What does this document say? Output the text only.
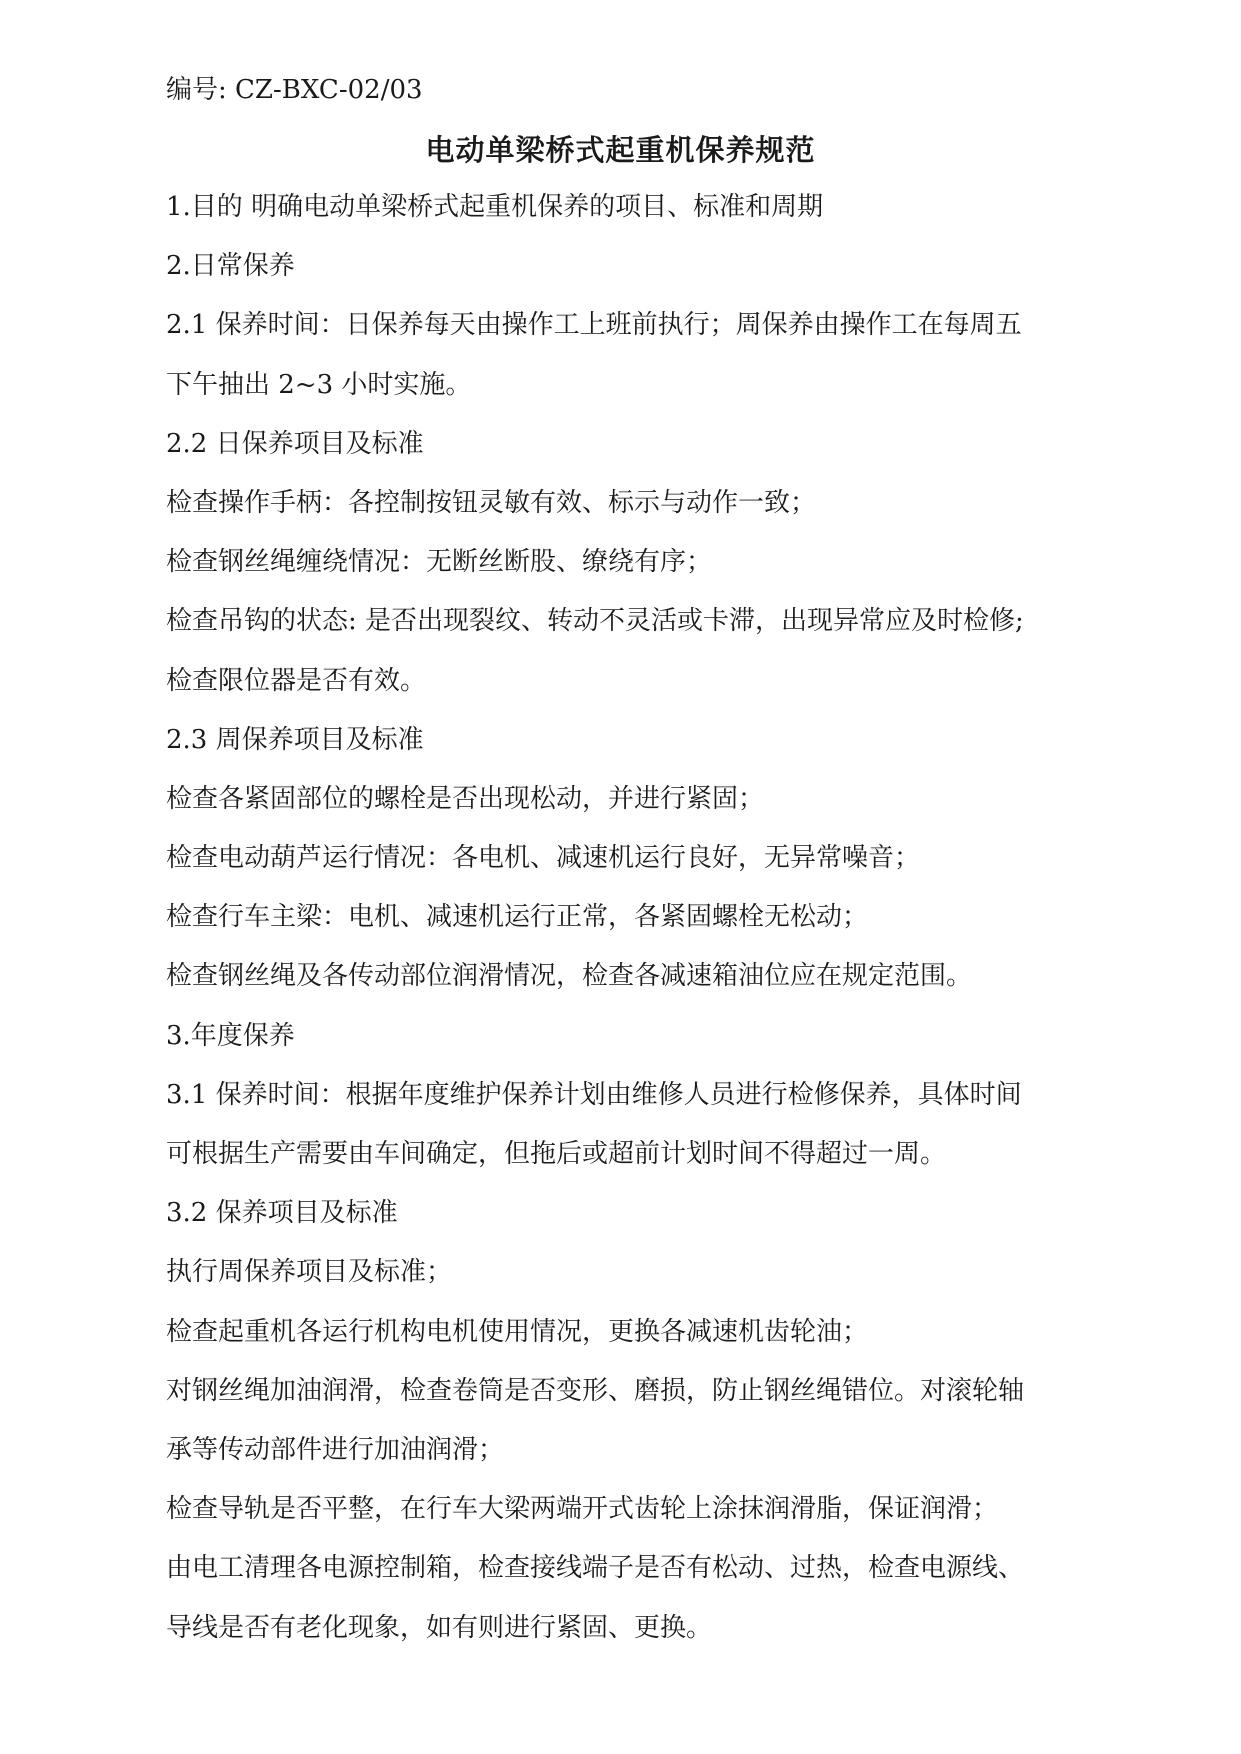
编号: CZ-BXC-02/03
电动单梁桥式起重机保养规范
1.目的 明确电动单梁桥式起重机保养的项目、标准和周期
2.日常保养
2.1 保养时间：日保养每天由操作工上班前执行；周保养由操作工在每周五
下午抽出 2~3 小时实施。
2.2 日保养项目及标准
检查操作手柄：各控制按钮灵敏有效、标示与动作一致；
检查钢丝绳缠绕情况：无断丝断股、缭绕有序；
检查吊钩的状态: 是否出现裂纹、转动不灵活或卡滞，出现异常应及时检修;
检查限位器是否有效。
2.3 周保养项目及标准
检查各紧固部位的螺栓是否出现松动，并进行紧固；
检查电动葫芦运行情况：各电机、减速机运行良好，无异常噪音；
检查行车主梁：电机、减速机运行正常，各紧固螺栓无松动；
检查钢丝绳及各传动部位润滑情况，检查各减速箱油位应在规定范围。
3.年度保养
3.1 保养时间：根据年度维护保养计划由维修人员进行检修保养，具体时间
可根据生产需要由车间确定，但拖后或超前计划时间不得超过一周。
3.2 保养项目及标准
执行周保养项目及标准；
检查起重机各运行机构电机使用情况，更换各减速机齿轮油；
对钢丝绳加油润滑，检查卷筒是否变形、磨损，防止钢丝绳错位。对滚轮轴
承等传动部件进行加油润滑；
检查导轨是否平整，在行车大梁两端开式齿轮上涂抹润滑脂，保证润滑；
由电工清理各电源控制箱，检查接线端子是否有松动、过热，检查电源线、
导线是否有老化现象，如有则进行紧固、更换。
